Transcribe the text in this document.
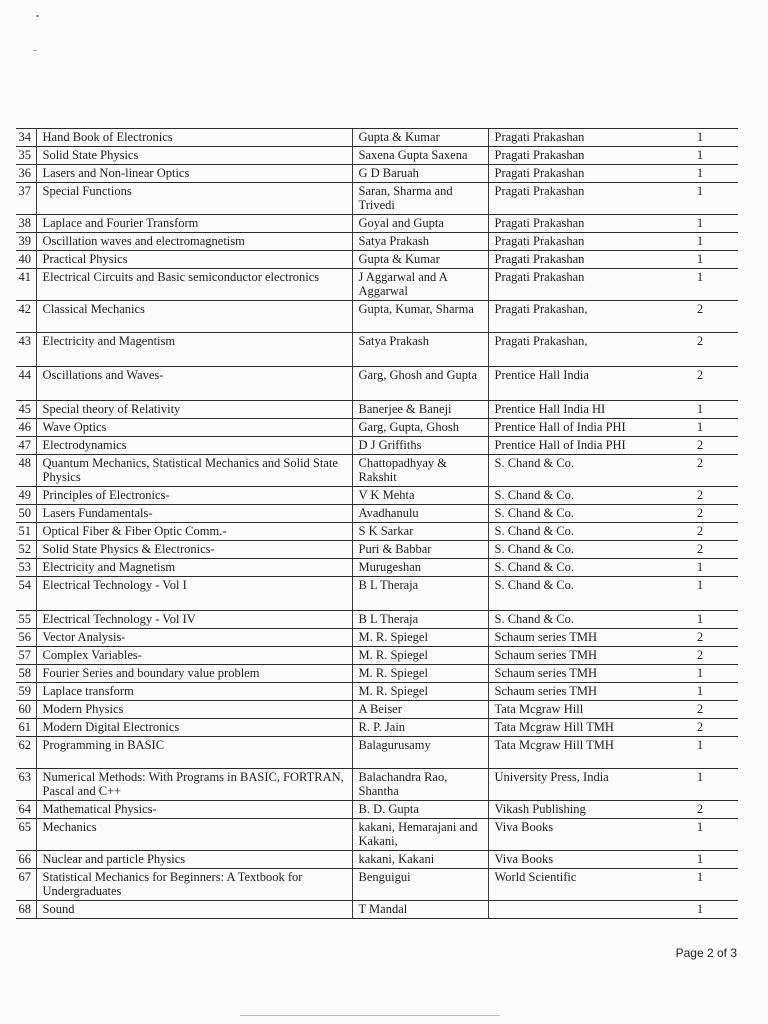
34	Hand Book of Electronics	Gupta & Kumar	Pragati Prakashan	1
35	Solid State Physics	Saxena Gupta Saxena	Pragati Prakashan	1
36	Lasers and Non-linear Optics	G D Baruah	Pragati Prakashan	1
37	Special Functions	Saran, Sharma and Trivedi	Pragati Prakashan	1
38	Laplace and Fourier Transform	Goyal and Gupta	Pragati Prakashan	1
39	Oscillation waves and electromagnetism	Satya Prakash	Pragati Prakashan	1
40	Practical Physics	Gupta & Kumar	Pragati Prakashan	1
41	Electrical Circuits and Basic semiconductor electronics	J Aggarwal and A Aggarwal	Pragati Prakashan	1
42	Classical Mechanics	Gupta, Kumar, Sharma	Pragati Prakashan,	2
43	Electricity and Magentism	Satya Prakash	Pragati Prakashan,	2
44	Oscillations and Waves-	Garg, Ghosh and Gupta	Prentice Hall India	2
45	Special theory of Relativity	Banerjee & Baneji	Prentice Hall India HI	1
46	Wave Optics	Garg, Gupta, Ghosh	Prentice Hall of India PHI	1
47	Electrodynamics	D J Griffiths	Prentice Hall of India PHI	2
48	Quantum Mechanics, Statistical Mechanics and Solid State Physics	Chattopadhyay & Rakshit	S. Chand & Co.	2
49	Principles of Electronics-	V K Mehta	S. Chand & Co.	2
50	Lasers Fundamentals-	Avadhanulu	S. Chand & Co.	2
51	Optical Fiber & Fiber Optic Comm.-	S K Sarkar	S. Chand & Co.	2
52	Solid State Physics & Electronics-	Puri & Babbar	S. Chand & Co.	2
53	Electricity and Magnetism	Murugeshan	S. Chand & Co.	1
54	Electrical Technology - Vol I	B L Theraja	S. Chand & Co.	1
55	Electrical Technology - Vol IV	B L Theraja	S. Chand & Co.	1
56	Vector Analysis-	M. R. Spiegel	Schaum series TMH	2
57	Complex Variables-	M. R. Spiegel	Schaum series TMH	2
58	Fourier Series and boundary value problem	M. R. Spiegel	Schaum series TMH	1
59	Laplace transform	M. R. Spiegel	Schaum series TMH	1
60	Modern Physics	A Beiser	Tata Mcgraw Hill	2
61	Modern Digital Electronics	R. P. Jain	Tata Mcgraw Hill TMH	2
62	Programming in BASIC	Balagurusamy	Tata Mcgraw Hill TMH	1
63	Numerical Methods: With Programs in BASIC, FORTRAN, Pascal and C++	Balachandra Rao, Shantha	University Press, India	1
64	Mathematical Physics-	B. D. Gupta	Vikash Publishing	2
65	Mechanics	kakani, Hemarajani and Kakani,	Viva Books	1
66	Nuclear and particle Physics	kakani, Kakani	Viva Books	1
67	Statistical Mechanics for Beginners: A Textbook for Undergraduates	Benguigui	World Scientific	1
68	Sound	T Mandal		1
Page 2 of 3
